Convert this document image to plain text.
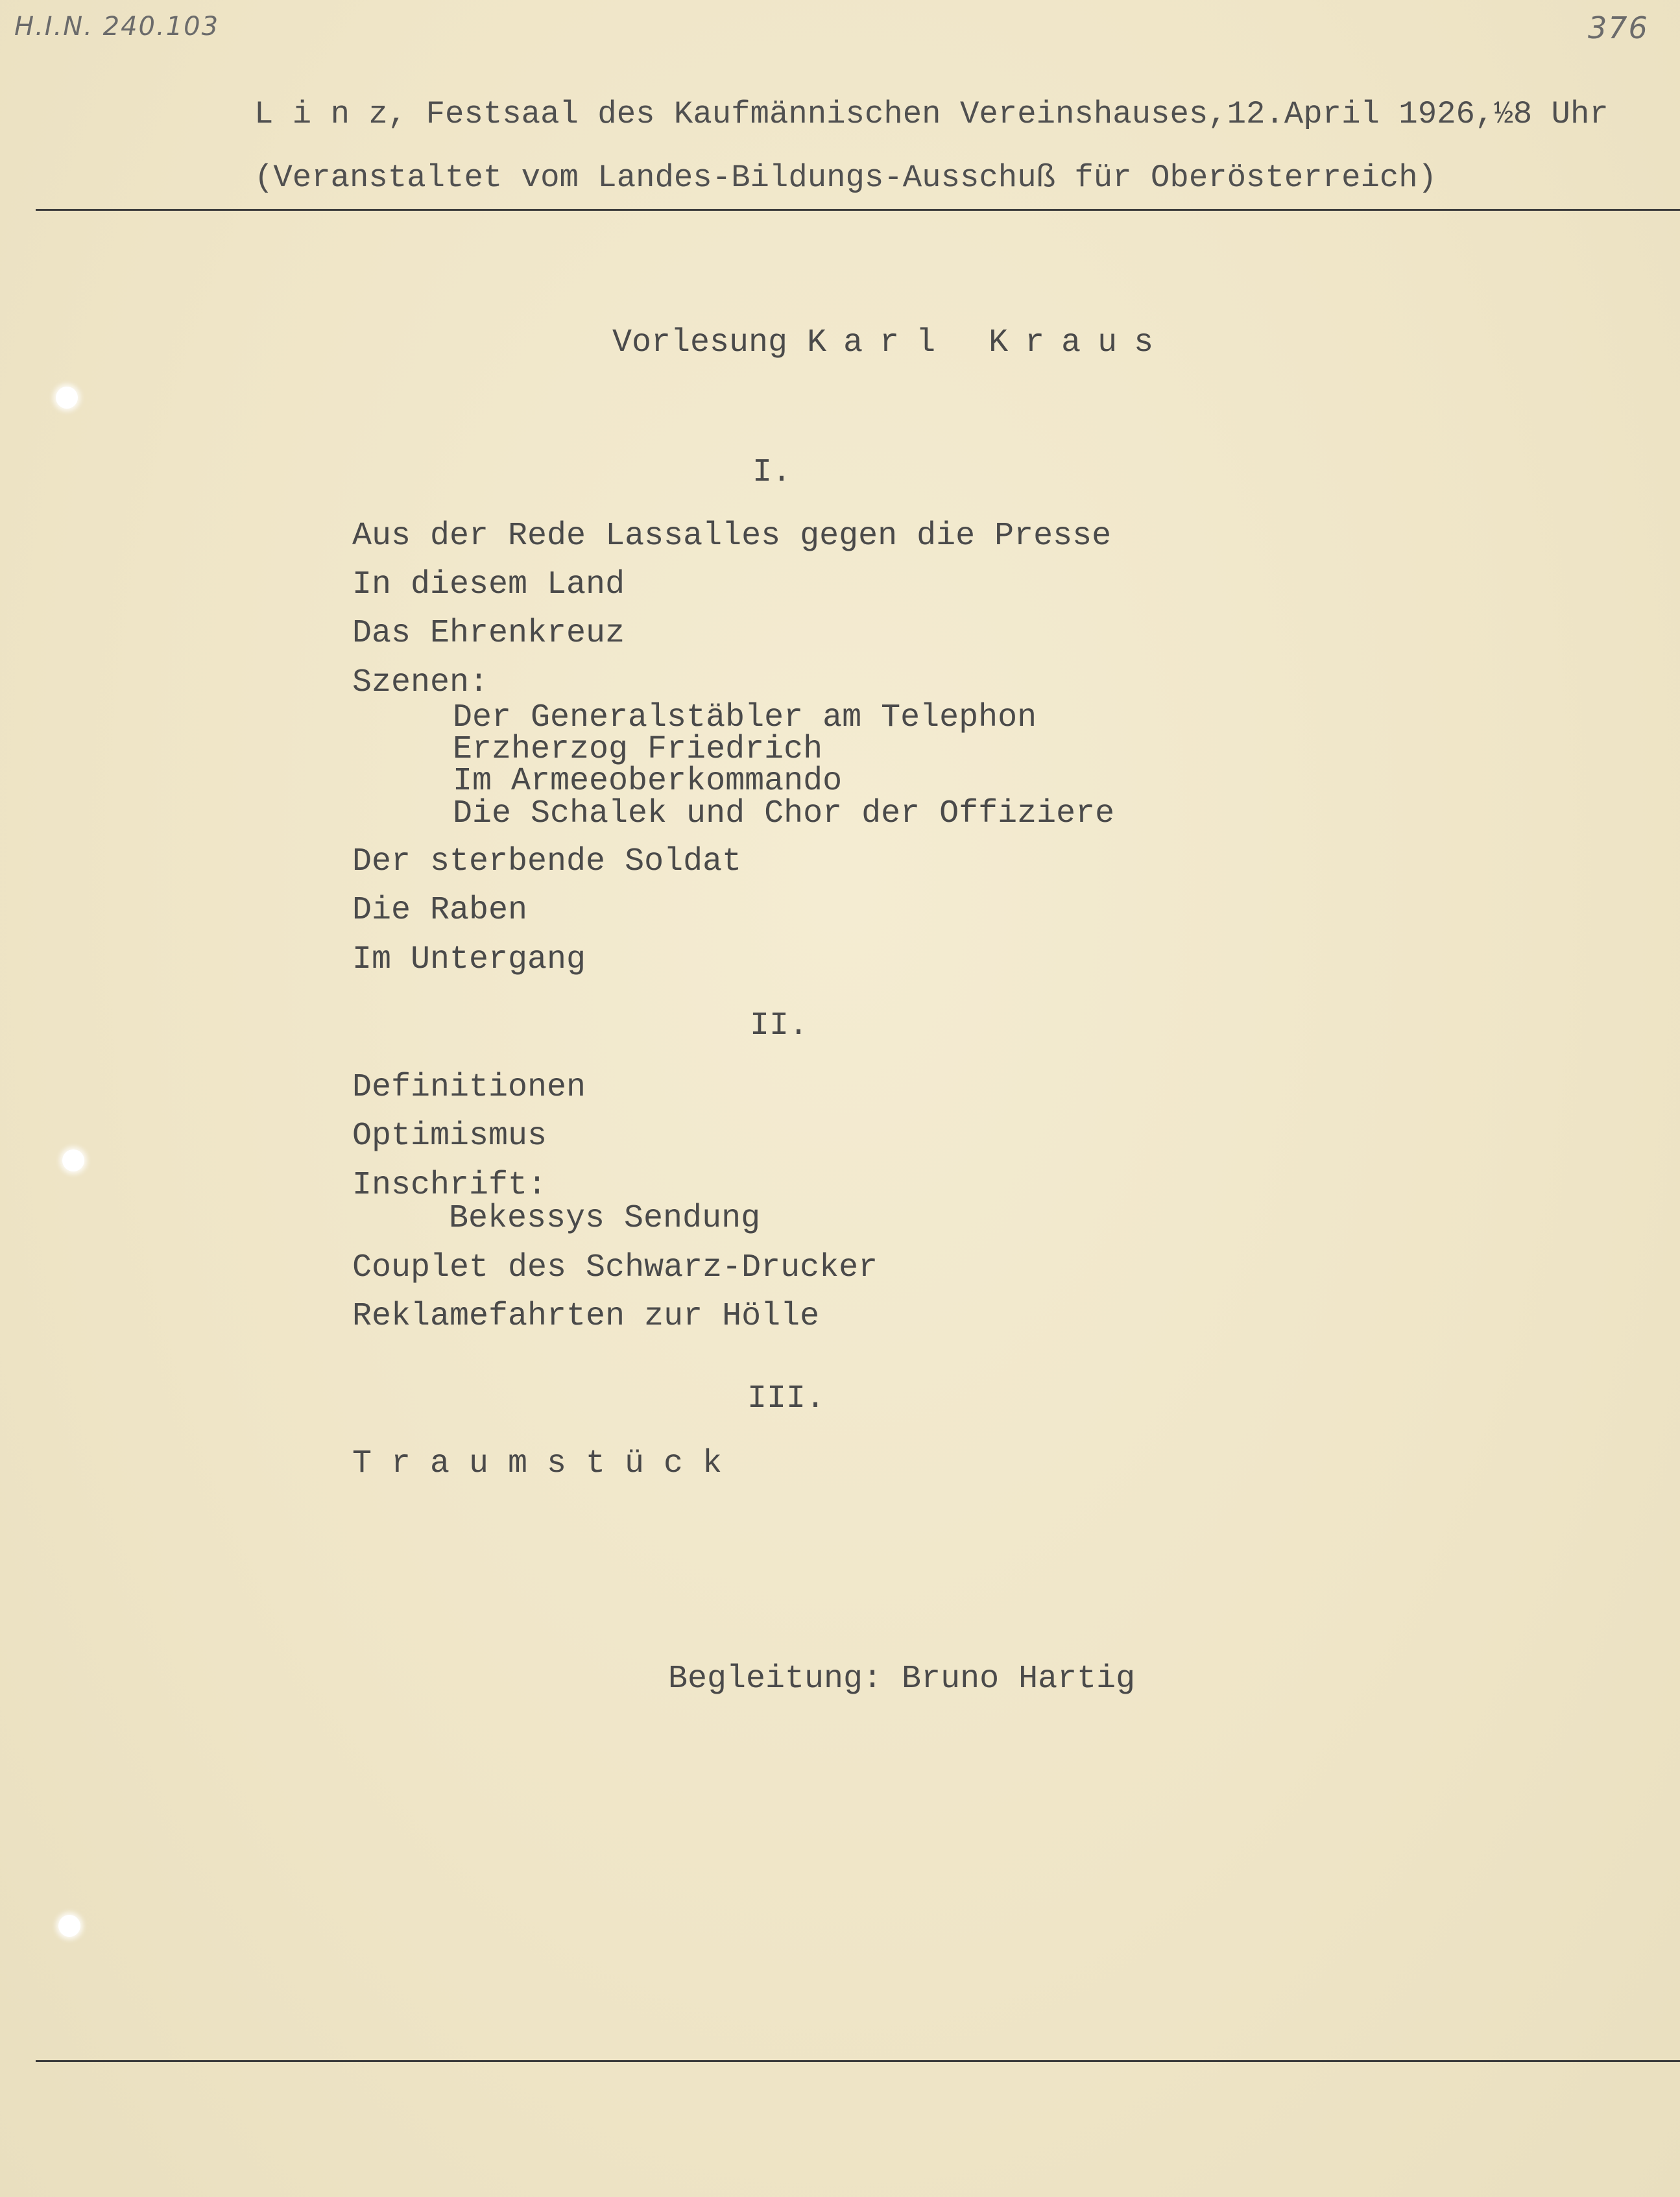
H.I.N. 240.103	376
L i n z, Festsaal des Kaufmännischen Vereinshauses,12.April 1926,½8 Uhr
(Veranstaltet vom Landes-Bildungs-Ausschuß für Oberösterreich)
Vorlesung Karl Kraus
I.
Aus der Rede Lassalles gegen die Presse
In diesem Land
Das Ehrenkreuz
Szenen:
Der Generalstäbler am Telephon
Erzherzog Friedrich
Im Armeeoberkommando
Die Schalek und Chor der Offiziere
Der sterbende Soldat
Die Raben
Im Untergang
II.
Definitionen
Optimismus
Inschrift:
Bekessys Sendung
Couplet des Schwarz-Drucker
Reklamefahrten zur Hölle
III.
Traumstück
Begleitung: Bruno Hartig
